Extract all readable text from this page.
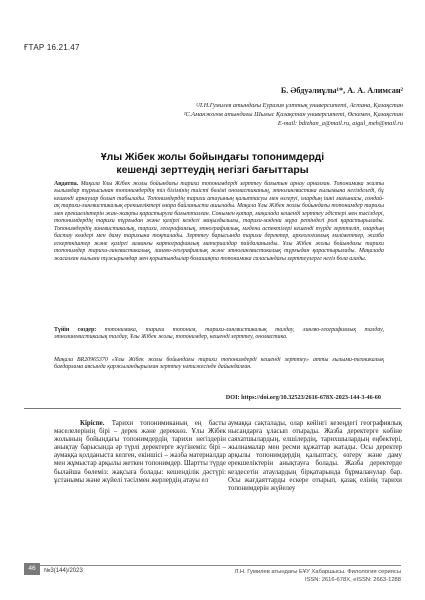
ҒТАР 16.21.47
Б. Әбдуәлиұлы¹*, А. А. Алимсан²
¹Л.Н.Гумилев атындағы Еуразия ұлттық университеті, Астана, Қазақстан
²С.Аманжолов атындағы Шығыс Қазақстан университеті, Өскемен, Қазақстан
E-mail: bdizhan_a@mail.ru, aigul_meh@mail.ru
Ұлы Жібек жолы бойындағы топонимдерді
кешенді зерттеудің негізгі бағыттары
Аңдатпа. Мақала Ұлы Жібек жолы бойындағы тарихи топонимдерді зерттеу бағытын арнау арналған. Топонимика жалпы ғылымдар тұрғысынан топонимдердің тіл білімінің тиісті бөлімі ономастиканың, этнолингвистика ғылымына негізделеді, бұ кешенді арнаулар болып табылады. Топонимдердің тарихи атауының қалыптасуы мен өзгеруі, олардың ішкі мағынасы, сондай-ақ тарихи-лингвистикалық ерекшеліктері өзара байланыста ашылады. Мақала Ұлы Жібек жолы бойындағы топонимдер тарихы мен ерекшеліктерін жан-жақты қарастыруға бағытталған. Сонымен қатар, мақалада кешенді зерттеу әдістері мен тәсілдері, топонимдердің тарихи тұрғыдан және қазіргі кездегі маңыздылығы, тарихи-мәдени мұра ретіндегі ролі қарастырылады. Топонимдердің лингвистикалық, тарихи, географиялық, этнографиялық, мәдени аспектілері кешенді түрде зерттеліп, олардың бастау көздері мен даму тарихына тоқталады. Зерттеу барысында тарихи деректер, археологиялық мәліметтер, жазба ескерткіштер және қазіргі заманғы картографиялық материалдар пайдаланылды. Ұлы Жібек жолы бойындағы тарихи топонимдер тарихи-лингвистикалық, лингво-географиялық және этнолингвистикалық тұрғыдан қарастырылады. Мақалада жасалған ғылыми тұжырымдар мен қорытындылар болашақта топонимика саласындағы зерттеулерге негіз бола алады.
Түйін сөздер: топонимика, тарихи топоним, тарихи-лингвистикалық талдау, лингво-географиялық талдау, этнолингвистикалық талдау, Ұлы Жібек жолы, топонимдер, кешенді зерттеу, ономастика.
Мақала BR20965370 «Ұлы Жібек жолы бойындағы тарихи топонимдерді кешенді зерттеу» атты ғылыми-техникалық бағдарлама аясында қаржыландырылған зерттеу нәтижесінде дайындалған.
DOI: https://doi.org/10.32523/2616-678X-2023-144-3-46-60
Кіріспе. Тарихи топонимиканың ең басты мәселелерінің бірі – дерек және дереккөз. Ұлы Жібек жолының бойындағы топонимдердің тарихи негіздерін анықтау барысында әр түрлі деректерге жүгінеміз: бірі – аумаққа қолданыста келген, екіншісі – жазба материалдар мен жұмыстар арқылы жеткен топонимдер. Шартты түрде былайша бөлеміз: жақсыға болады: кешенділік дәстүрі: ұстанымы және жүйелі тәсілмен жерлердің атауы ел
аумаққа сақталады, олар кейінгі кезеңдегі географиялық нысандарға ұласып отырады. Жазба деректерге көбіне саяхатшылардың, елшілердің, тарихшылардың еңбектері, жылнамалар мен ресми құжаттар жатады. Осы деректер арқылы топонимдердің қалыптасу, өзгеру және даму ерекшеліктерін анықтауға болады. Жазба деректерде кездесетін атаулардың бірқатарында бұрмаланулар бар. Осы жағдаяттарды ескере отырып, қазақ елінің тарихи топонимдерін жүйелеу
46	№3(144)/2023	Л.Н. Гумилев атындағы ЕҰУ Хабаршысы. Филология сериясы
ISSN: 2616-678X, eISSN: 2663-1288
